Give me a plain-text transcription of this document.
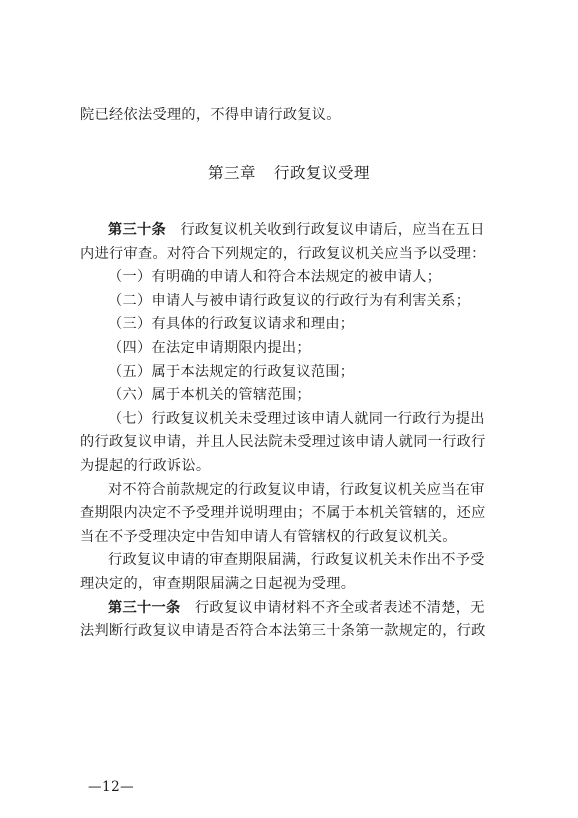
院已经依法受理的，不得申请行政复议。
第三章 行政复议受理
第三十条　行政复议机关收到行政复议申请后，应当在五日
内进行审查。对符合下列规定的，行政复议机关应当予以受理：
（一）有明确的申请人和符合本法规定的被申请人；
（二）申请人与被申请行政复议的行政行为有利害关系；
（三）有具体的行政复议请求和理由；
（四）在法定申请期限内提出；
（五）属于本法规定的行政复议范围；
（六）属于本机关的管辖范围；
（七）行政复议机关未受理过该申请人就同一行政行为提出
的行政复议申请，并且人民法院未受理过该申请人就同一行政行
为提起的行政诉讼。
对不符合前款规定的行政复议申请，行政复议机关应当在审
查期限内决定不予受理并说明理由；不属于本机关管辖的，还应
当在不予受理决定中告知申请人有管辖权的行政复议机关。
行政复议申请的审查期限届满，行政复议机关未作出不予受
理决定的，审查期限届满之日起视为受理。
第三十一条　行政复议申请材料不齐全或者表述不清楚，无
法判断行政复议申请是否符合本法第三十条第一款规定的，行政
—12—
